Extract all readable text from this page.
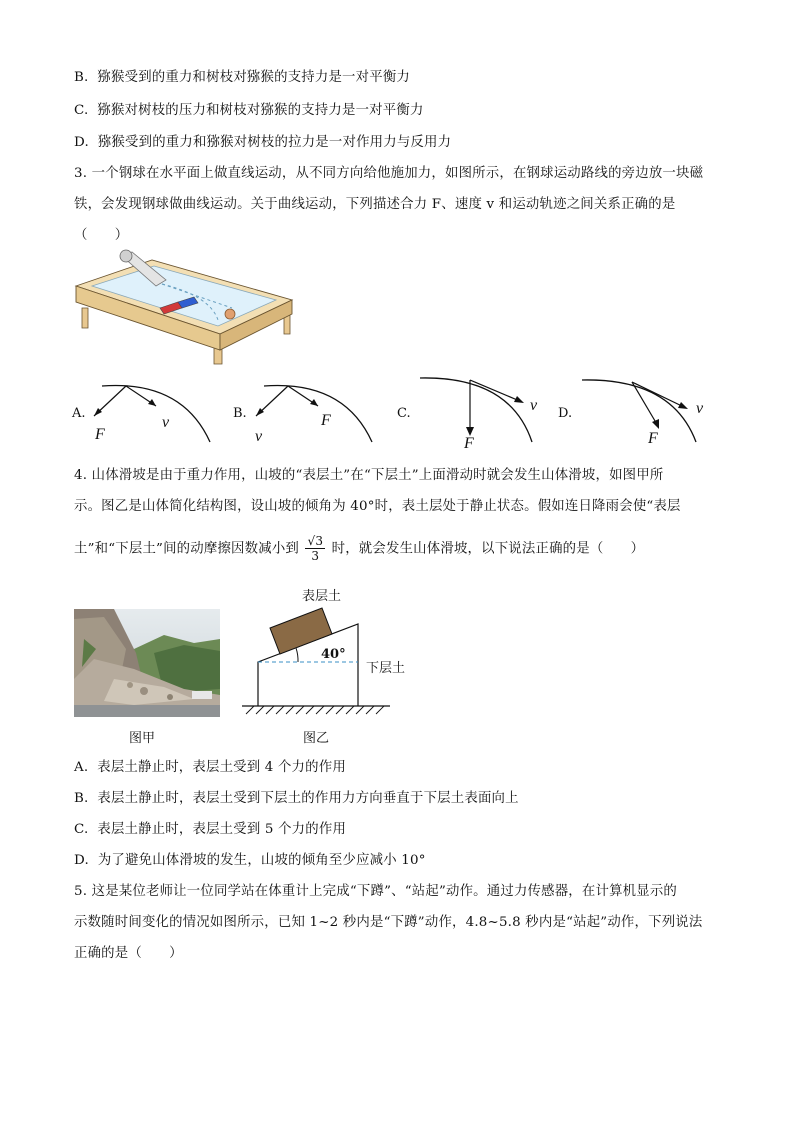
B. 猕猴受到的重力和树枝对猕猴的支持力是一对平衡力
C. 猕猴对树枝的压力和树枝对猕猴的支持力是一对平衡力
D. 猕猴受到的重力和猕猴对树枝的拉力是一对作用力与反用力
3. 一个钢球在水平面上做直线运动，从不同方向给他施加力，如图所示，在钢球运动路线的旁边放一块磁
铁，会发现钢球做曲线运动。关于曲线运动，下列描述合力 F、速度 v 和运动轨迹之间关系正确的是
（　　）
A.
F
v
B.	F
v
C.
F
v D.
F
v
4. 山体滑坡是由于重力作用，山坡的“表层土”在“下层土”上面滑动时就会发生山体滑坡，如图甲所
示。图乙是山体简化结构图，设山坡的倾角为 40°时，表土层处于静止状态。假如连日降雨会使“表层
土”和“下层土”间的动摩擦因数减小到 $\frac{√3}{3}$ 时，就会发生山体滑坡，以下说法正确的是（　　）
表层土
40°
下层土
图甲	图乙
A. 表层土静止时，表层土受到 4 个力的作用
B. 表层土静止时，表层土受到下层土的作用力方向垂直于下层土表面向上
C. 表层土静止时，表层土受到 5 个力的作用
D. 为了避免山体滑坡的发生，山坡的倾角至少应减小 10°
5. 这是某位老师让一位同学站在体重计上完成“下蹲”、“站起”动作。通过力传感器，在计算机显示的
示数随时间变化的情况如图所示，已知 1~2 秒内是“下蹲”动作，4.8~5.8 秒内是“站起”动作，下列说法
正确的是（　　）
